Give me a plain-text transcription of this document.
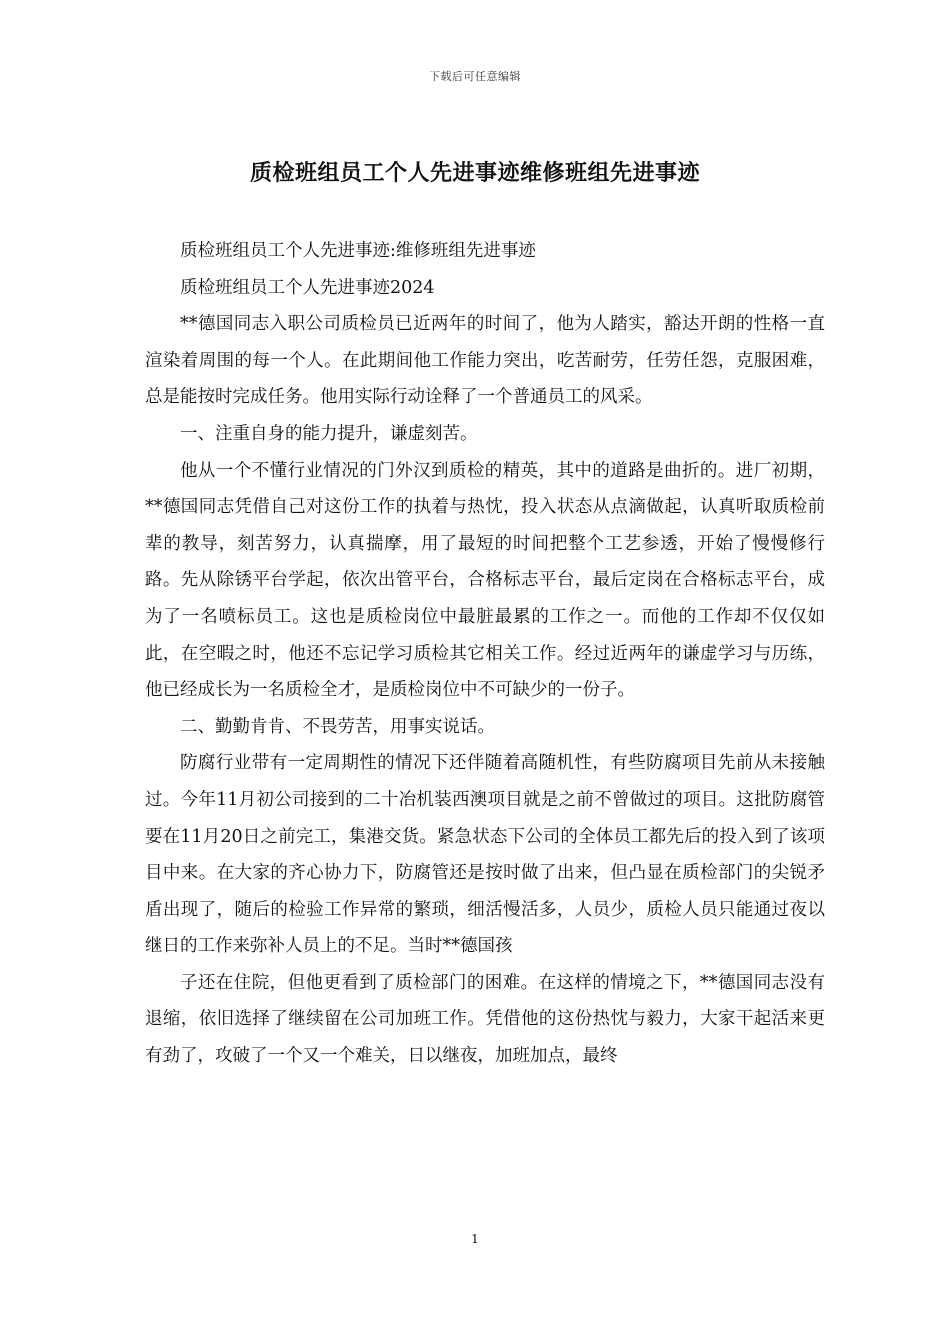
下载后可任意编辑
质检班组员工个人先进事迹维修班组先进事迹

质检班组员工个人先进事迹:维修班组先进事迹

质检班组员工个人先进事迹2024

**德国同志入职公司质检员已近两年的时间了，他为人踏实，豁达开朗的性格一直渲染着周围的每一个人。在此期间他工作能力突出，吃苦耐劳，任劳任怨，克服困难，总是能按时完成任务。他用实际行动诠释了一个普通员工的风采。

一、注重自身的能力提升，谦虚刻苦。

他从一个不懂行业情况的门外汉到质检的精英，其中的道路是曲折的。进厂初期，**德国同志凭借自己对这份工作的执着与热忱，投入状态从点滴做起，认真听取质检前辈的教导，刻苦努力，认真揣摩，用了最短的时间把整个工艺参透，开始了慢慢修行路。先从除锈平台学起，依次出管平台，合格标志平台，最后定岗在合格标志平台，成为了一名喷标员工。这也是质检岗位中最脏最累的工作之一。而他的工作却不仅仅如此，在空暇之时，他还不忘记学习质检其它相关工作。经过近两年的谦虚学习与历练，他已经成长为一名质检全才，是质检岗位中不可缺少的一份子。

二、勤勤肯肯、不畏劳苦，用事实说话。

防腐行业带有一定周期性的情况下还伴随着高随机性，有些防腐项目先前从未接触过。今年11月初公司接到的二十冶机装西澳项目就是之前不曾做过的项目。这批防腐管要在11月20日之前完工，集港交货。紧急状态下公司的全体员工都先后的投入到了该项目中来。在大家的齐心协力下，防腐管还是按时做了出来，但凸显在质检部门的尖锐矛盾出现了，随后的检验工作异常的繁琐，细活慢活多，人员少，质检人员只能通过夜以继日的工作来弥补人员上的不足。当时**德国孩

子还在住院，但他更看到了质检部门的困难。在这样的情境之下，**德国同志没有退缩，依旧选择了继续留在公司加班工作。凭借他的这份热忱与毅力，大家干起活来更有劲了，攻破了一个又一个难关，日以继夜，加班加点，最终

1
